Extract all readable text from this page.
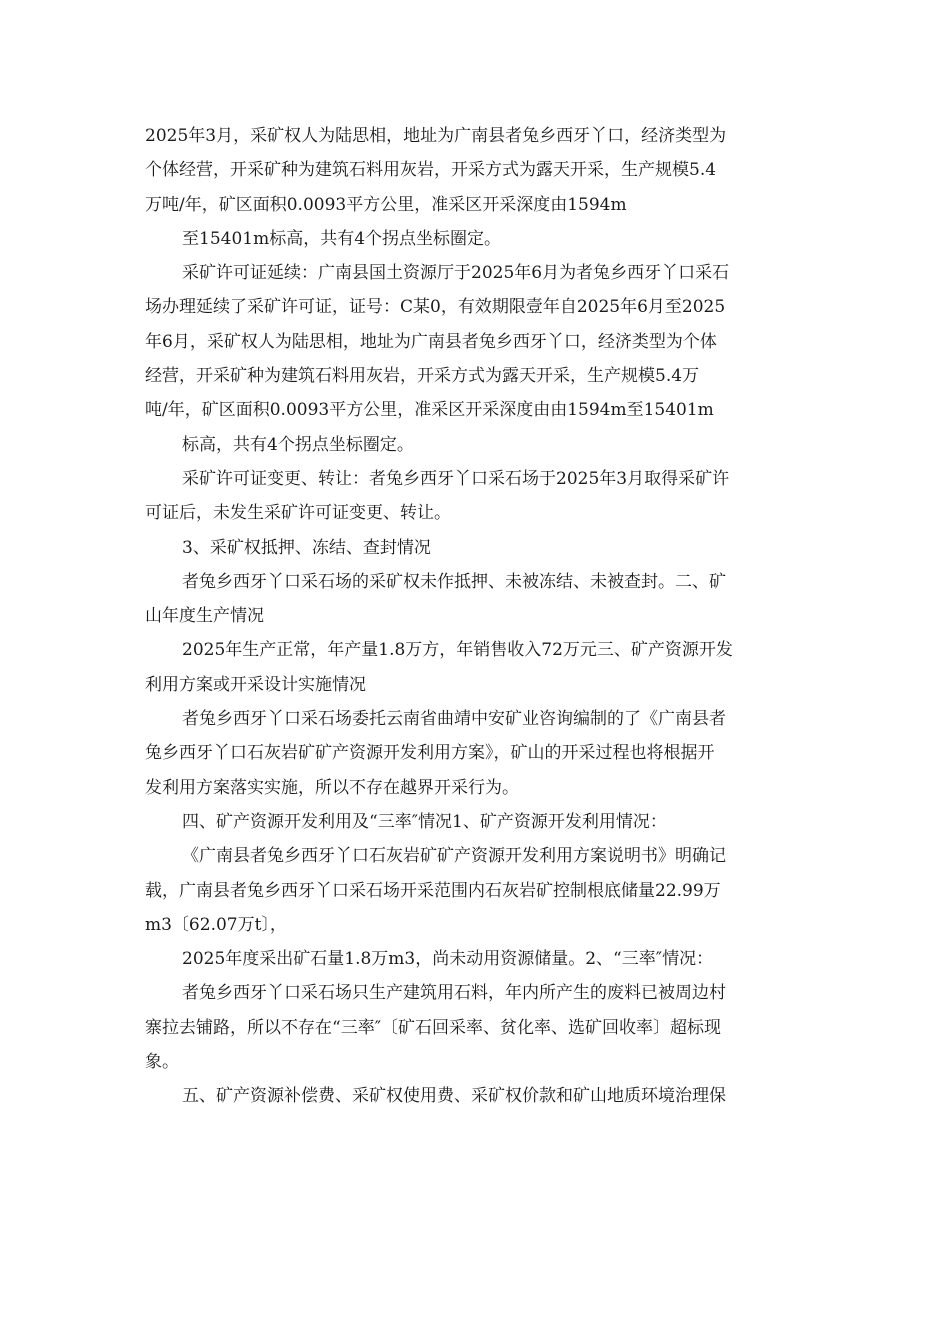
2025年3月，采矿权人为陆思相，地址为广南县者兔乡西牙丫口，经济类型为
个体经营，开采矿种为建筑石料用灰岩，开采方式为露天开采，生产规模5.4
万吨/年，矿区面积0.0093平方公里，准采区开采深度由1594m

至15401m标高，共有4个拐点坐标圈定。

采矿许可证延续：广南县国土资源厅于2025年6月为者兔乡西牙丫口采石
场办理延续了采矿许可证，证号：C某0，有效期限壹年自2025年6月至2025
年6月，采矿权人为陆思相，地址为广南县者兔乡西牙丫口，经济类型为个体
经营，开采矿种为建筑石料用灰岩，开采方式为露天开采，生产规模5.4万
吨/年，矿区面积0.0093平方公里，准采区开采深度由由1594m至15401m

标高，共有4个拐点坐标圈定。

采矿许可证变更、转让：者兔乡西牙丫口采石场于2025年3月取得采矿许
可证后，未发生采矿许可证变更、转让。

3、采矿权抵押、冻结、查封情况

者兔乡西牙丫口采石场的采矿权未作抵押、未被冻结、未被查封。二、矿
山年度生产情况

2025年生产正常，年产量1.8万方，年销售收入72万元三、矿产资源开发
利用方案或开采设计实施情况

者兔乡西牙丫口采石场委托云南省曲靖中安矿业咨询编制的了《广南县者
兔乡西牙丫口石灰岩矿矿产资源开发利用方案》，矿山的开采过程也将根据开
发利用方案落实实施，所以不存在越界开采行为。

四、矿产资源开发利用及“三率″情况1、矿产资源开发利用情况：

《广南县者兔乡西牙丫口石灰岩矿矿产资源开发利用方案说明书》明确记
载，广南县者兔乡西牙丫口采石场开采范围内石灰岩矿控制根底储量22.99万
m3〔62.07万t〕，

2025年度采出矿石量1.8万m3，尚未动用资源储量。2、“三率″情况：

者兔乡西牙丫口采石场只生产建筑用石料，年内所产生的废料已被周边村
寨拉去铺路，所以不存在“三率″〔矿石回采率、贫化率、选矿回收率〕超标现
象。

五、矿产资源补偿费、采矿权使用费、采矿权价款和矿山地质环境治理保
